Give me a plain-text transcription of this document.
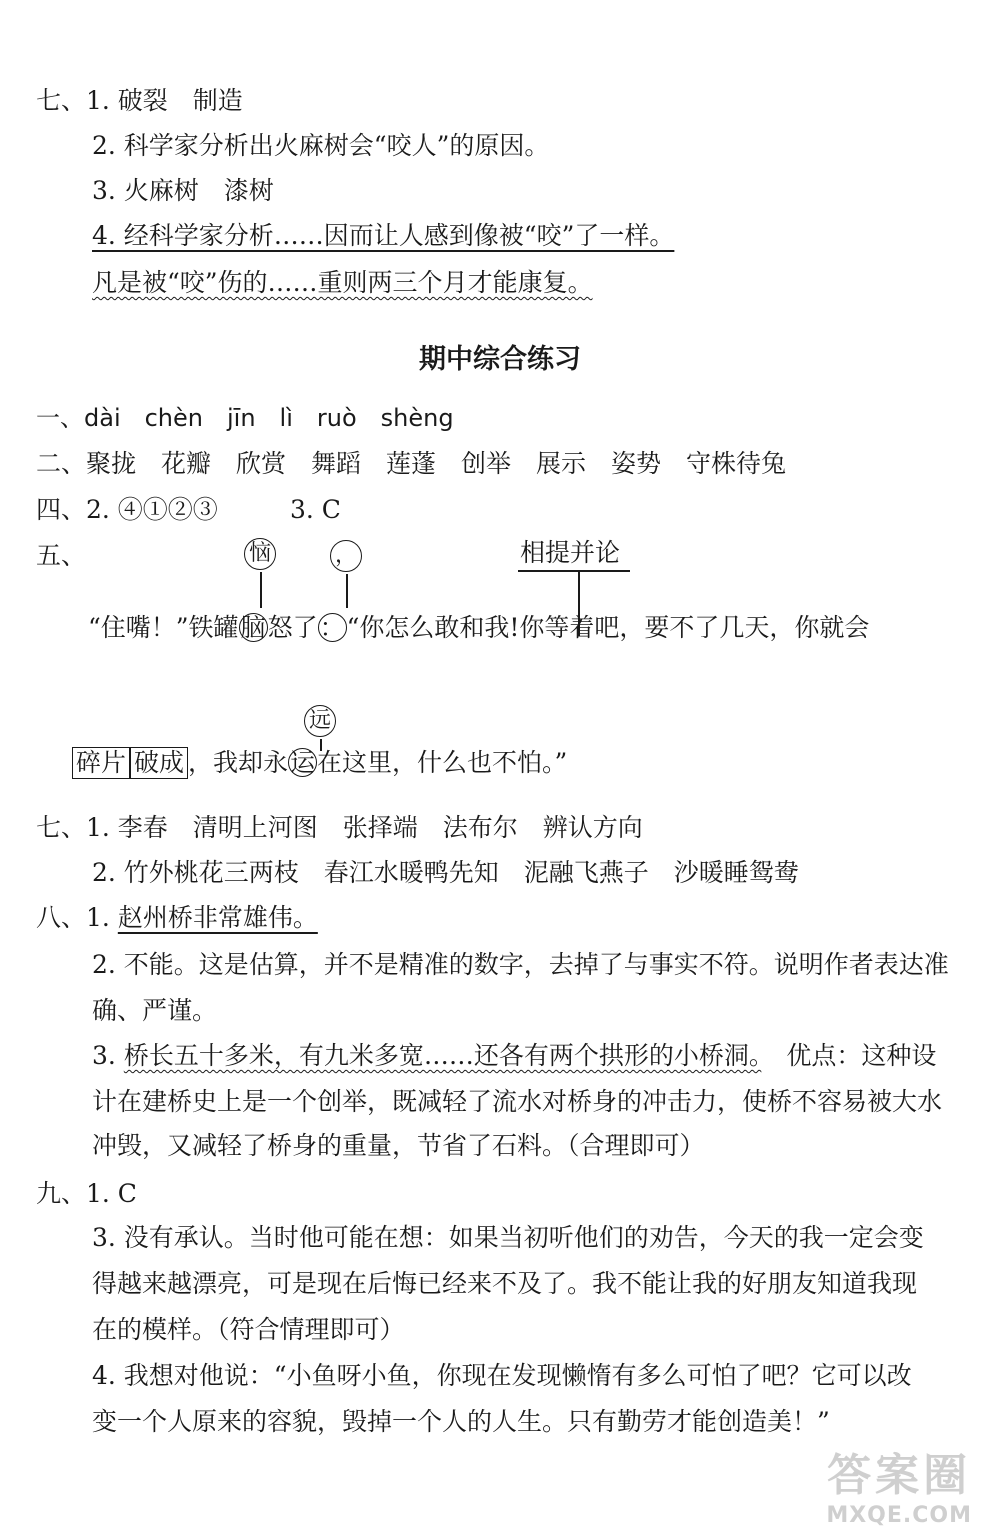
七、1. 破裂　制造
2. 科学家分析出火麻树会“咬人”的原因。
3. 火麻树　漆树
4. 经科学家分析……因而让人感到像被“咬”了一样。
凡是被“咬”伤的……重则两三个月才能康复。
期中综合练习
一、dài　chèn　jīn　lì　ruò　shèng
二、聚拢　花瓣　欣赏　舞蹈　莲蓬　创举　展示　姿势　守株待兔
四、2. ④①②③	3. C
五、	恼	，	相提并论
“住嘴！”铁罐脑怒了：“你怎么敢和我!你等着吧，要不了几天，你就会
远
碎片 破成 ，我却永运在这里，什么也不怕。”
七、1. 李春　清明上河图　张择端　法布尔　辨认方向
2. 竹外桃花三两枝　春江水暖鸭先知　泥融飞燕子　沙暖睡鸳鸯
八、1. 赵州桥非常雄伟。
2. 不能。这是估算，并不是精准的数字，去掉了与事实不符。说明作者表达准
确、严谨。
3. 桥长五十多米，有九米多宽……还各有两个拱形的小桥洞。　优点：这种设
计在建桥史上是一个创举，既减轻了流水对桥身的冲击力，使桥不容易被大水
冲毁，又减轻了桥身的重量，节省了石料。（合理即可）
九、1. C
3. 没有承认。当时他可能在想：如果当初听他们的劝告，今天的我一定会变
得越来越漂亮，可是现在后悔已经来不及了。我不能让我的好朋友知道我现
在的模样。（符合情理即可）
4. 我想对他说：“小鱼呀小鱼，你现在发现懒惰有多么可怕了吧？它可以改
变一个人原来的容貌，毁掉一个人的人生。只有勤劳才能创造美！”
答案圈
MXQE.COM
